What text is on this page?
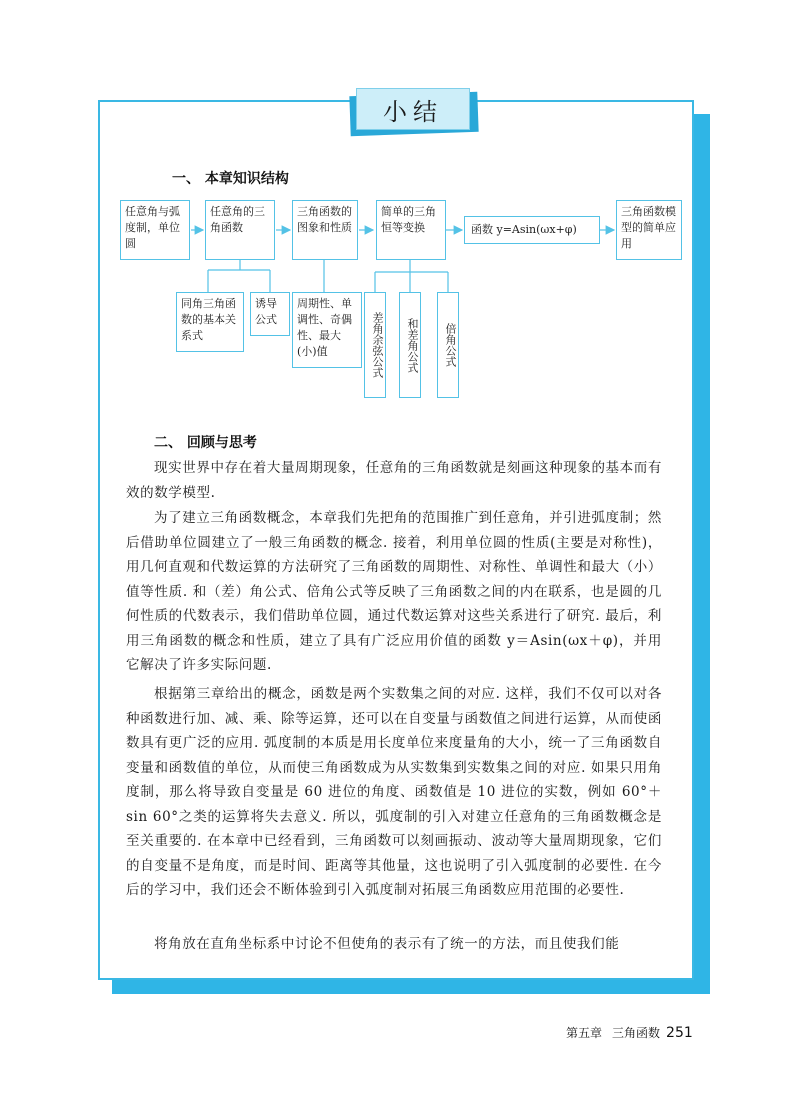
小结
一、 本章知识结构
任意角与弧度制，单位圆
任意角的三角函数
三角函数的图象和性质
简单的三角恒等变换	函数 y=Asin(ωx+φ)
三角函数模型的简单应用
同角三角函数的基本关系式
诱导公式
周期性、单调性、奇偶性、最大(小)值	差角余弦公式	和差角公式	倍角公式
二、 回顾与思考

现实世界中存在着大量周期现象，任意角的三角函数就是刻画这种现象的基本而有效的数学模型.

为了建立三角函数概念，本章我们先把角的范围推广到任意角，并引进弧度制；然后借助单位圆建立了一般三角函数的概念. 接着，利用单位圆的性质(主要是对称性)，用几何直观和代数运算的方法研究了三角函数的周期性、对称性、单调性和最大（小）值等性质. 和（差）角公式、倍角公式等反映了三角函数之间的内在联系，也是圆的几何性质的代数表示，我们借助单位圆，通过代数运算对这些关系进行了研究. 最后，利用三角函数的概念和性质，建立了具有广泛应用价值的函数 y＝Asin(ωx＋φ)，并用它解决了许多实际问题.

根据第三章给出的概念，函数是两个实数集之间的对应. 这样，我们不仅可以对各种函数进行加、减、乘、除等运算，还可以在自变量与函数值之间进行运算，从而使函数具有更广泛的应用. 弧度制的本质是用长度单位来度量角的大小，统一了三角函数自变量和函数值的单位，从而使三角函数成为从实数集到实数集之间的对应. 如果只用角度制，那么将导致自变量是 60 进位的角度、函数值是 10 进位的实数，例如 60°＋sin 60°之类的运算将失去意义. 所以，弧度制的引入对建立任意角的三角函数概念是至关重要的. 在本章中已经看到，三角函数可以刻画振动、波动等大量周期现象，它们的自变量不是角度，而是时间、距离等其他量，这也说明了引入弧度制的必要性. 在今后的学习中，我们还会不断体验到引入弧度制对拓展三角函数应用范围的必要性.

将角放在直角坐标系中讨论不但使角的表示有了统一的方法，而且使我们能

第五章 三角函数 251
